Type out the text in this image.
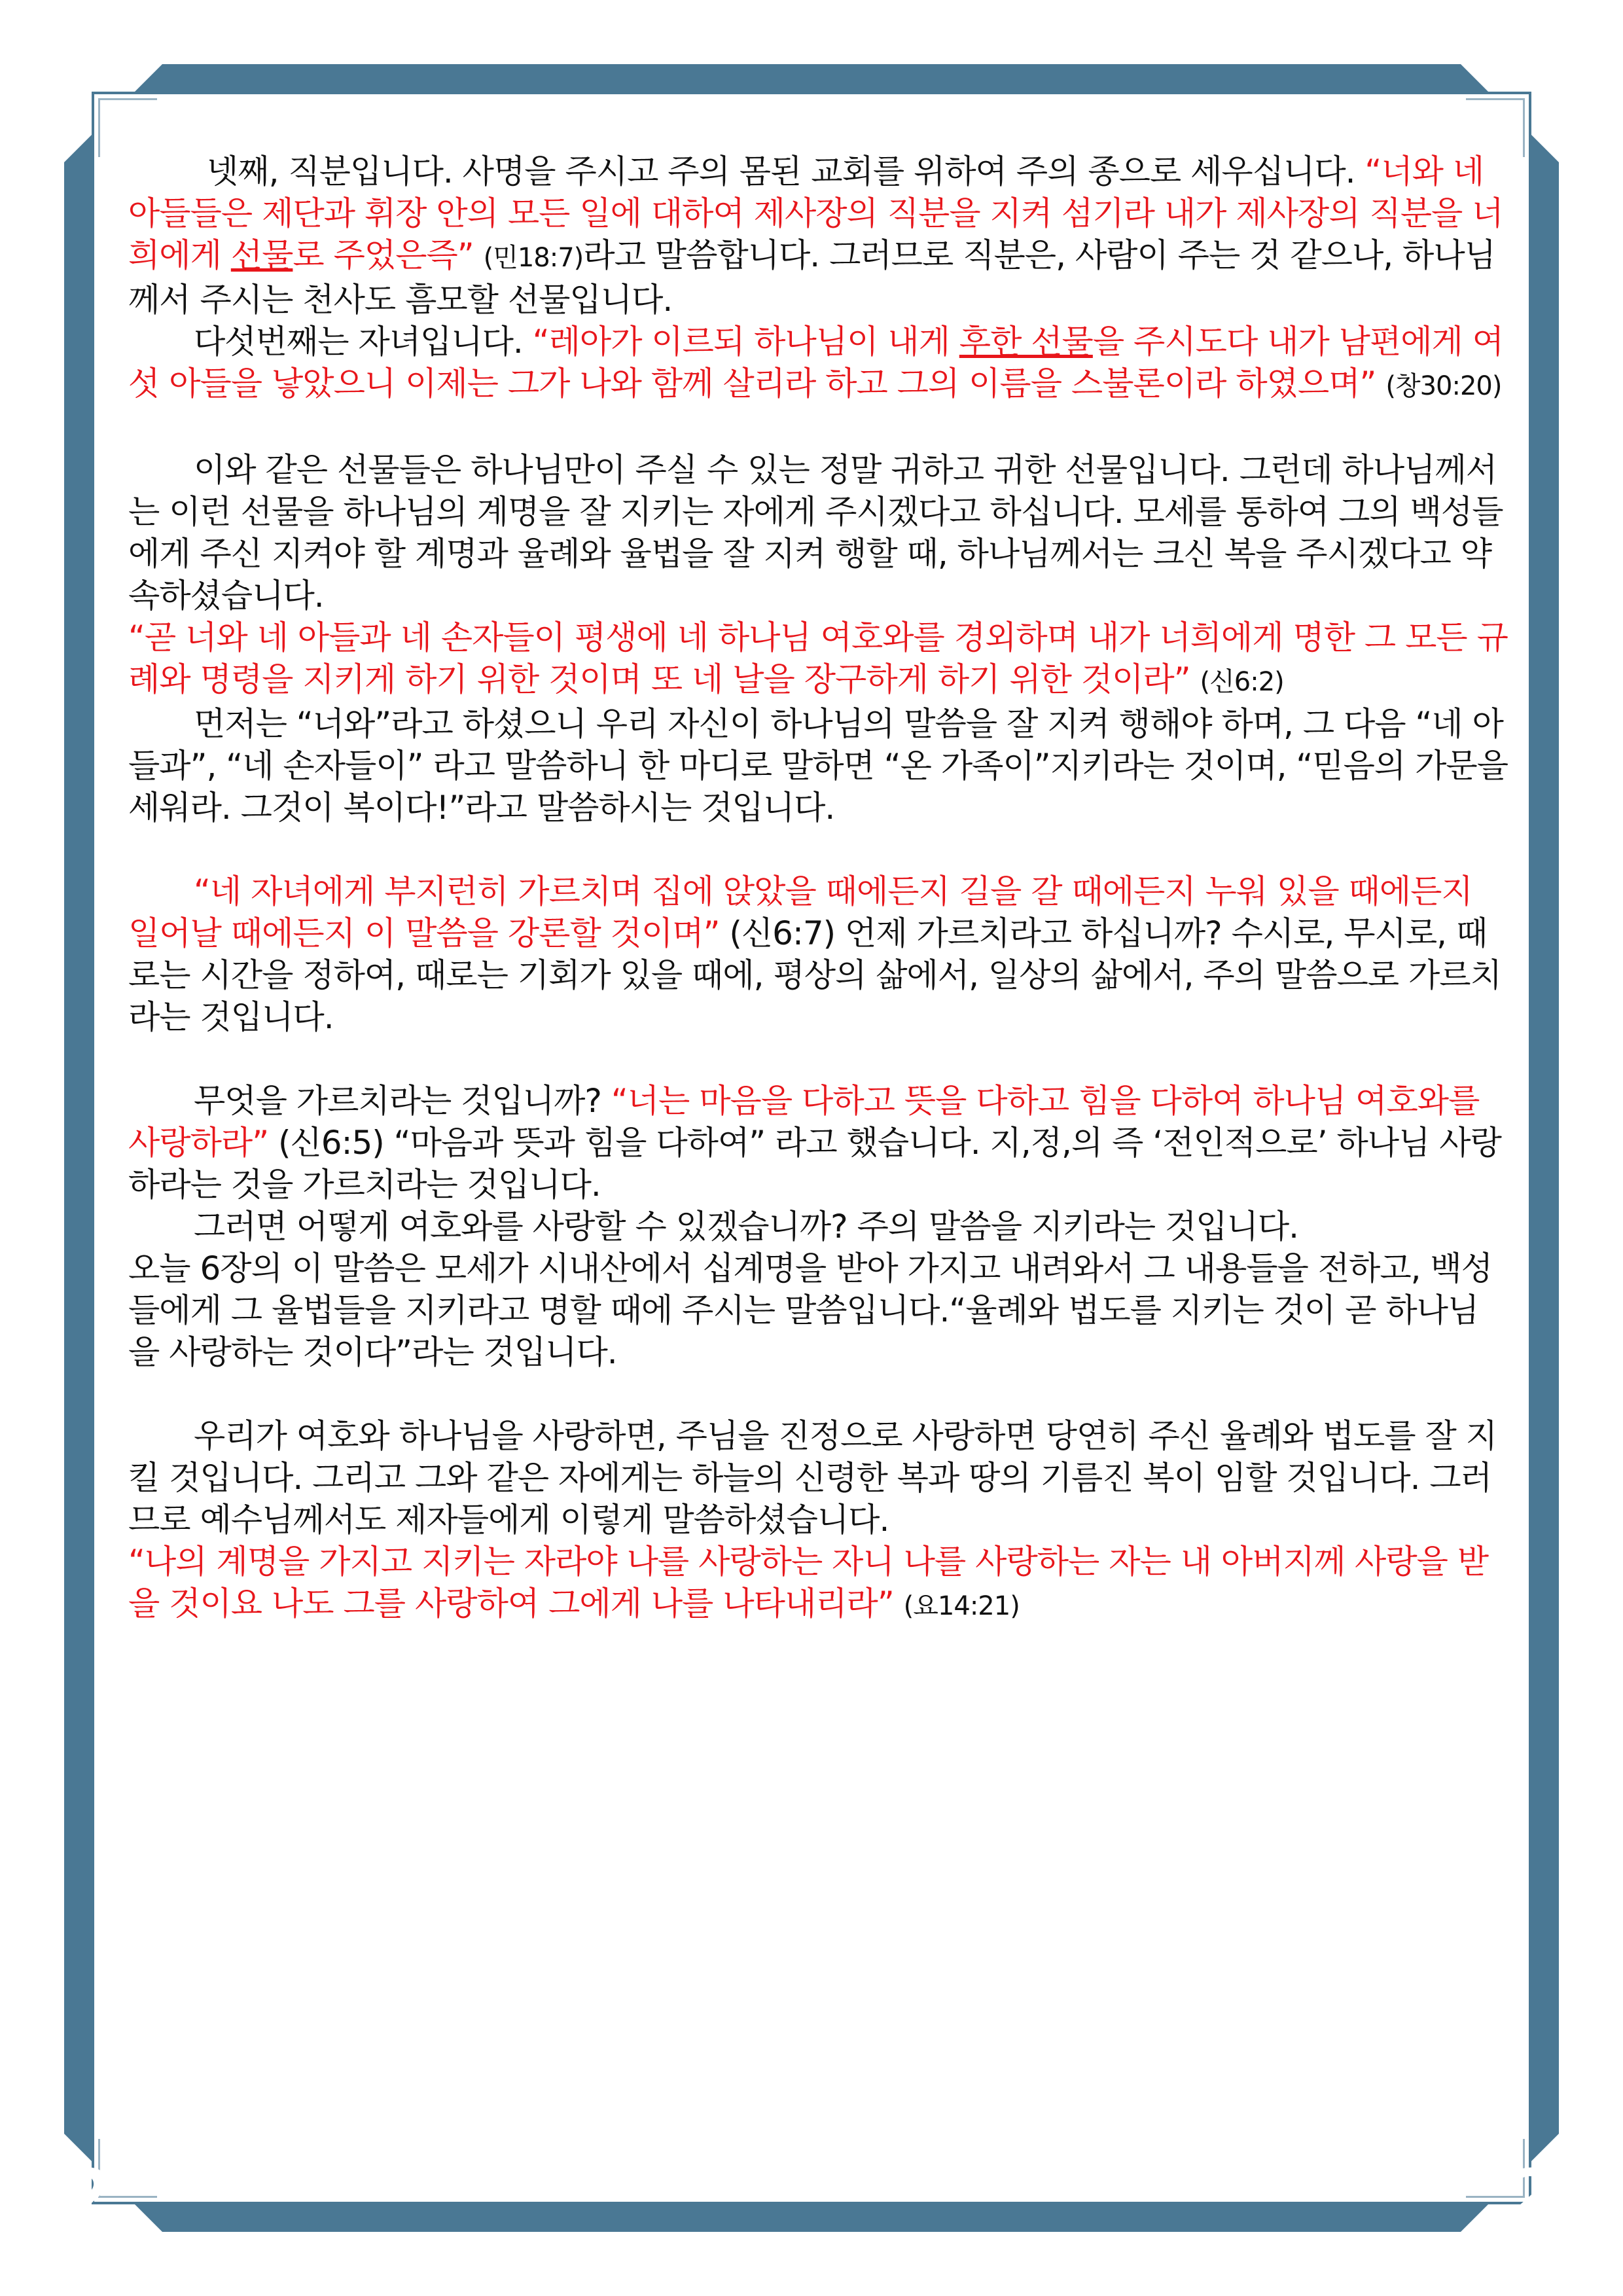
넷째, 직분입니다. 사명을 주시고 주의 몸된 교회를 위하여 주의 종으로 세우십니다. “너와 네 아들들은 제단과 휘장 안의 모든 일에 대하여 제사장의 직분을 지켜 섬기라 내가 제사장의 직분을 너희에게 선물로 주었은즉” (민18:7)라고 말씀합니다. 그러므로 직분은, 사람이 주는 것 같으나, 하나님께서 주시는 천사도 흠모할 선물입니다.

다섯번째는 자녀입니다. “레아가 이르되 하나님이 내게 후한 선물을 주시도다 내가 남편에게 여섯 아들을 낳았으니 이제는 그가 나와 함께 살리라 하고 그의 이름을 스불론이라 하였으며” (창30:20)

이와 같은 선물들은 하나님만이 주실 수 있는 정말 귀하고 귀한 선물입니다. 그런데 하나님께서는 이런 선물을 하나님의 계명을 잘 지키는 자에게 주시겠다고 하십니다. 모세를 통하여 그의 백성들에게 주신 지켜야 할 계명과 율례와 율법을 잘 지켜 행할 때, 하나님께서는 크신 복을 주시겠다고 약속하셨습니다.

“곧 너와 네 아들과 네 손자들이 평생에 네 하나님 여호와를 경외하며 내가 너희에게 명한 그 모든 규례와 명령을 지키게 하기 위한 것이며 또 네 날을 장구하게 하기 위한 것이라” (신6:2)

먼저는 “너와”라고 하셨으니 우리 자신이 하나님의 말씀을 잘 지켜 행해야 하며, 그 다음 “네 아들과”, “네 손자들이” 라고 말씀하니 한 마디로 말하면 “온 가족이”지키라는 것이며, “믿음의 가문을 세워라. 그것이 복이다!”라고 말씀하시는 것입니다.

“네 자녀에게 부지런히 가르치며 집에 앉았을 때에든지 길을 갈 때에든지 누워 있을 때에든지 일어날 때에든지 이 말씀을 강론할 것이며” (신6:7) 언제 가르치라고 하십니까? 수시로, 무시로, 때로는 시간을 정하여, 때로는 기회가 있을 때에, 평상의 삶에서, 일상의 삶에서, 주의 말씀으로 가르치라는 것입니다.

무엇을 가르치라는 것입니까? “너는 마음을 다하고 뜻을 다하고 힘을 다하여 하나님 여호와를 사랑하라” (신6:5) “마음과 뜻과 힘을 다하여” 라고 했습니다. 지,정,의 즉 ‘전인적으로’ 하나님 사랑하라는 것을 가르치라는 것입니다.

그러면 어떻게 여호와를 사랑할 수 있겠습니까? 주의 말씀을 지키라는 것입니다.

오늘 6장의 이 말씀은 모세가 시내산에서 십계명을 받아 가지고 내려와서 그 내용들을 전하고, 백성들에게 그 율법들을 지키라고 명할 때에 주시는 말씀입니다.“율례와 법도를 지키는 것이 곧 하나님을 사랑하는 것이다”라는 것입니다.

우리가 여호와 하나님을 사랑하면, 주님을 진정으로 사랑하면 당연히 주신 율례와 법도를 잘 지킬 것입니다. 그리고 그와 같은 자에게는 하늘의 신령한 복과 땅의 기름진 복이 임할 것입니다. 그러므로 예수님께서도 제자들에게 이렇게 말씀하셨습니다.

“나의 계명을 가지고 지키는 자라야 나를 사랑하는 자니 나를 사랑하는 자는 내 아버지께 사랑을 받을 것이요 나도 그를 사랑하여 그에게 나를 나타내리라” (요14:21)

2	2
